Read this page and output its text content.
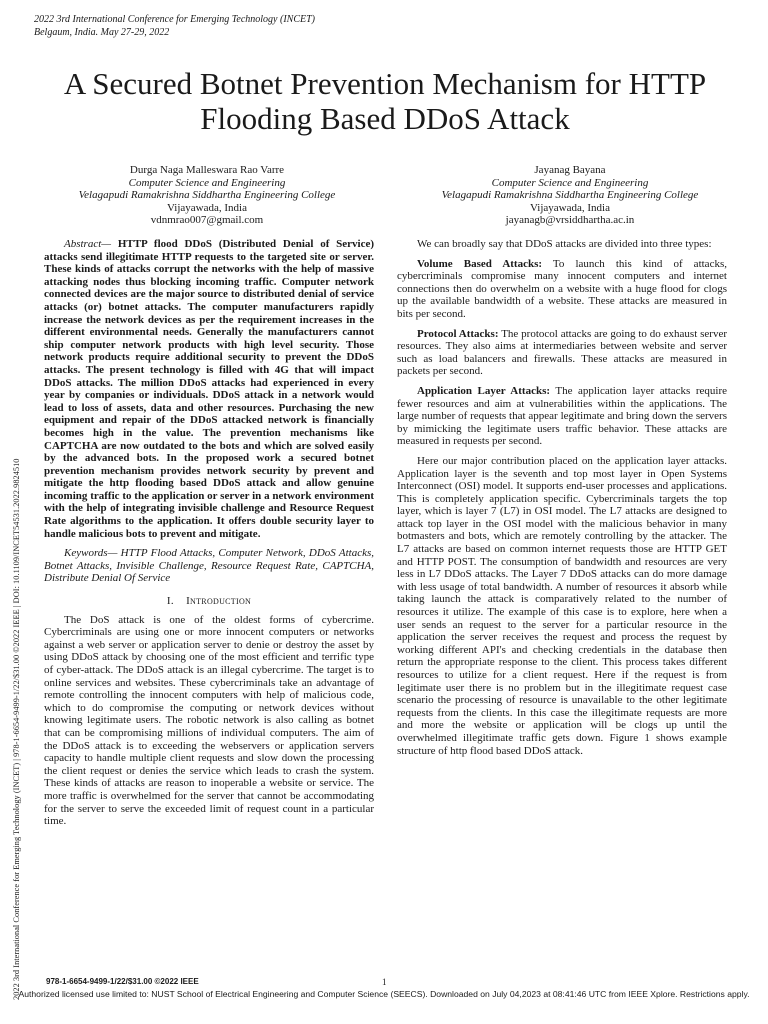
2022 3rd International Conference for Emerging Technology (INCET)
Belgaum, India. May 27-29, 2022
2022 3rd International Conference for Emerging Technology (INCET) | 978-1-6654-9499-1/22/$31.00 ©2022 IEEE | DOI: 10.1109/INCET54531.2022.9824510
A Secured Botnet Prevention Mechanism for HTTP Flooding Based DDoS Attack
Durga Naga Malleswara Rao Varre
Computer Science and Engineering
Velagapudi Ramakrishna Siddhartha Engineering College
Vijayawada, India
vdnmrao007@gmail.com
Jayanag Bayana
Computer Science and Engineering
Velagapudi Ramakrishna Siddhartha Engineering College
Vijayawada, India
jayanagb@vrsiddhartha.ac.in

Abstract— HTTP flood DDoS (Distributed Denial of Service) attacks send illegitimate HTTP requests to the targeted site or server. These kinds of attacks corrupt the networks with the help of massive attacking nodes thus blocking incoming traffic. Computer network connected devices are the major source to distributed denial of service attacks (or) botnet attacks. The computer manufacturers rapidly increase the network devices as per the requirement increases in the different environmental needs. Generally the manufacturers cannot ship computer network products with high level security. Those network products require additional security to prevent the DDoS attacks. The present technology is filled with 4G that will impact DDoS attacks. The million DDoS attacks had experienced in every year by companies or individuals. DDoS attack in a network would lead to loss of assets, data and other resources. Purchasing the new equipment and repair of the DDoS attacked network is financially becomes high in the value. The prevention mechanisms like CAPTCHA are now outdated to the bots and which are solved easily by the advanced bots. In the proposed work a secured botnet prevention mechanism provides network security by prevent and mitigate the http flooding based DDoS attack and allow genuine incoming traffic to the application or server in a network environment with the help of integrating invisible challenge and Resource Request Rate algorithms to the application. It offers double security layer to handle malicious bots to prevent and mitigate.

Keywords— HTTP Flood Attacks, Computer Network, DDoS Attacks, Botnet Attacks, Invisible Challenge, Resource Request Rate, CAPTCHA, Distribute Denial Of Service

I. Introduction

The DoS attack is one of the oldest forms of cybercrime. Cybercriminals are using one or more innocent computers or networks against a web server or application server to denie or destroy the asset by using DDoS attack by choosing one of the most efficient and terrific type of cyber-attack. The DDoS attack is an illegal cybercrime. The target is to online services and websites. These cybercriminals take an advantage of remote controlling the innocent computers with help of malicious code, which to do compromise the computing or network devices without knowing legitimate users. The robotic network is also calling as botnet that can be compromising millions of individual computers. The aim of the DDoS attack is to exceeding the webservers or application servers capacity to handle multiple client requests and slow down the processing the client request or denies the service which leads to crash the system. These kinds of attacks are reason to inoperable a website or service. The more traffic is overwhelmed for the server that cannot be accommodating for the server to serve the exceeded limit of request count in a particular time.

We can broadly say that DDoS attacks are divided into three types:

Volume Based Attacks: To launch this kind of attacks, cybercriminals compromise many innocent computers and internet connections then do overwhelm on a website with a huge flood for clogs up the available bandwidth of a website. These attacks are measured in bits per second.

Protocol Attacks: The protocol attacks are going to do exhaust server resources. They also aims at intermediaries between website and server such as load balancers and firewalls. These attacks are measured in packets per second.

Application Layer Attacks: The application layer attacks require fewer resources and aim at vulnerabilities within the applications. The large number of requests that appear legitimate and bring down the servers by mimicking the legitimate users traffic behavior. These attacks are measured in requests per second.

Here our major contribution placed on the application layer attacks. Application layer is the seventh and top most layer in Open Systems Interconnect (OSI) model. It supports end-user processes and applications. This is completely application specific. Cybercriminals targets the top layer, which is layer 7 (L7) in OSI model. The L7 attacks are designed to attack top layer in the OSI model with the malicious behavior in many botmasters and bots, which are remotely controlling by the attacker. The L7 attacks are based on common internet requests those are HTTP GET and HTTP POST. The consumption of bandwidth and resources are very less in L7 DDoS attacks. The Layer 7 DDoS attacks can do more damage with less usage of total bandwidth. A number of resources it absorb while taking launch the attack is comparatively related to the number of resources it utilize. The example of this case is to explore, here when a user sends an request to the server for a particular resource in the application the server receives the request and process the request by working different API's and checking credentials in the database then return the appropriate response to the client. This process takes different resources to utilize for a client request. Here if the request is from legitimate user there is no problem but in the illegitimate request case scenario the processing of resource is unavailable to the other legitimate requests from the clients. In this case the illegitimate requests are more and more the website or application will be clogs up until the overwhelmed illegitimate traffic gets down. Figure 1 shows example structure of http flood based DDoS attack.

978-1-6654-9499-1/22/$31.00 ©2022 IEEE	1
Authorized licensed use limited to: NUST School of Electrical Engineering and Computer Science (SEECS). Downloaded on July 04,2023 at 08:41:46 UTC from IEEE Xplore. Restrictions apply.
